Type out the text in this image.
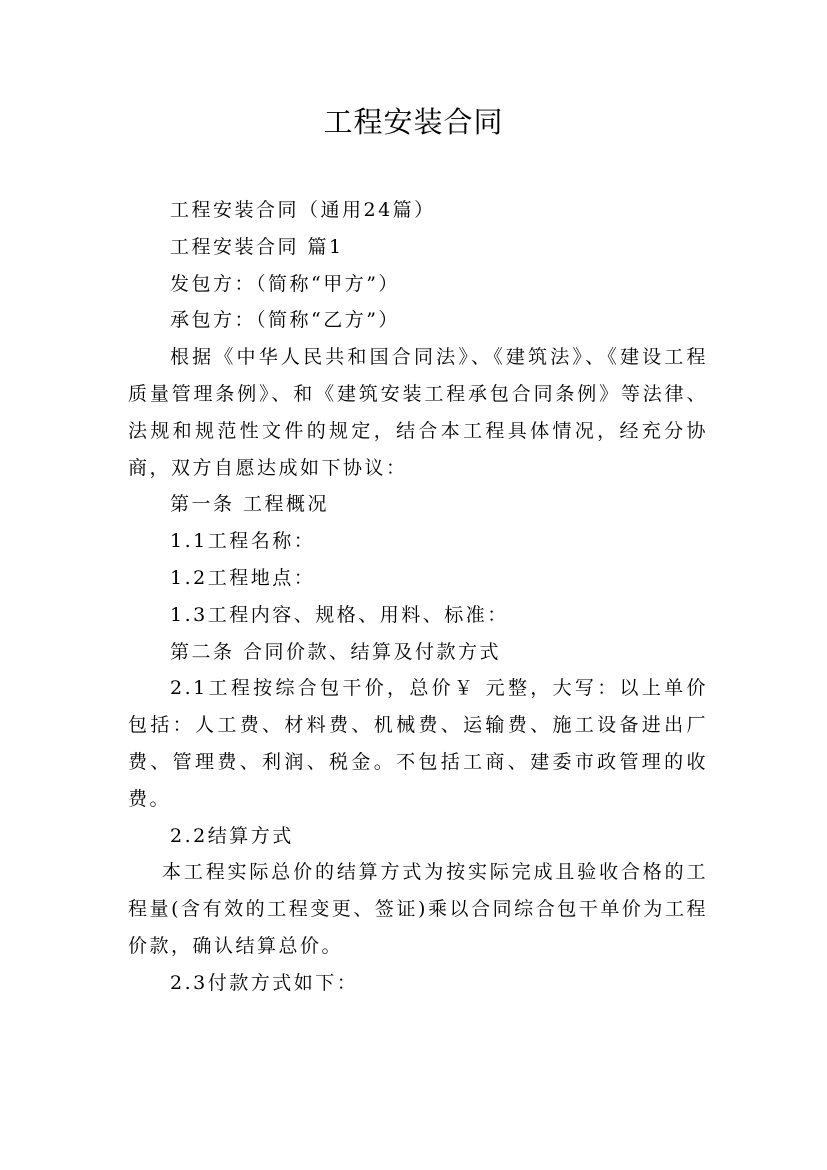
工程安装合同

工程安装合同（通用24篇）

工程安装合同 篇1

发包方：（简称“甲方”）

承包方：（简称“乙方”）

根据《中华人民共和国合同法》、《建筑法》、《建设工程质量管理条例》、和《建筑安装工程承包合同条例》等法律、法规和规范性文件的规定，结合本工程具体情况，经充分协商，双方自愿达成如下协议：

第一条 工程概况

1.1工程名称：

1.2工程地点：

1.3工程内容、规格、用料、标准：

第二条 合同价款、结算及付款方式

2.1工程按综合包干价，总价￥ 元整，大写：以上单价包括：人工费、材料费、机械费、运输费、施工设备进出厂费、管理费、利润、税金。不包括工商、建委市政管理的收费。

2.2结算方式

本工程实际总价的结算方式为按实际完成且验收合格的工程量(含有效的工程变更、签证)乘以合同综合包干单价为工程价款，确认结算总价。

2.3付款方式如下：
